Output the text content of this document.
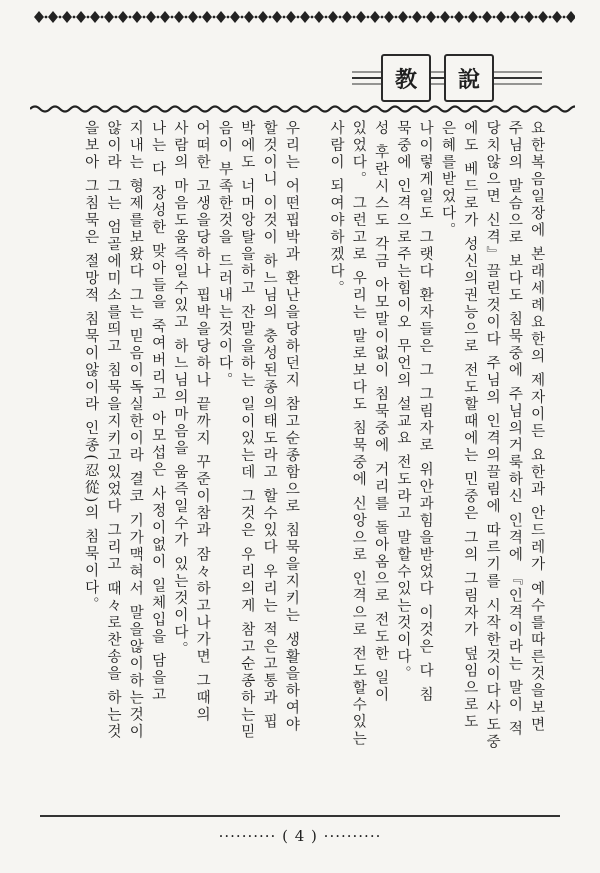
教 說
요한복음일장에 본래세례요한의 제자이든 요한과 안드레가 예수를따른것을보면
주님의 말슴으로 보다도 침묵중에 주님의거룩하신 인격에 『인격이라는 말이 적
당치않으면 신격』끌린것이다 주님의 인격의끌림에 따르기를 시작한것이다사도중
에도 베드로가 성신의권능으로 전도할때에는 민중은 그의 그림자가 덮임으로도
은혜를받었다。
나이렇게일도 그랫다 환자들은 그 그림자로 위안과힘을받었다 이것은 다 침
묵중에 인격으로주는힘이오 무언의 설교요 전도라고 말할수있는것이다。
성 후란시스도 각금 아모말이없이 침묵중에 거리를 돌아옴으로 전도한 일이
있었다。 그런고로 우리는 말로보다도 침묵중에 신앙으로 인격으로 전도할수있는
사람이 되여야하겠다。
우리는 어떤핍박과 환난을당하던지 참고순종함으로 침묵을지키는 생활을하여야
할것이니 이것이 하느님의 충성된종의태도라고 할수있다 우리는 적은고통과 핍
박에도 너머앙탈을하고 잔말을하는 일이있는데 그것은 우리의게 참고순종하는믿
음이 부족한것을 드러내는것이다。
어떠한 고생을당하나 핍박을당하나 끝까지 꾸준이참과 잠々하고나가면 그때의
사람의 마음도움즉일수있고 하느님의마음을 움즉일수가 있는것이다。
나는 다 장성한 맞아들을 죽여버리고 아모섭은 사정이없이 일체입을 담을고
지내는 형제를보왔다 그는 믿음이독실한이라 결코 기가맥혀서 말을않이하는것이
않이라 그는 엄골에미소를띄고 침묵을지키고있었다 그리고 때々로찬송을 하는것
을보아 그침묵은 절망적 침묵이않이라 인종(忍從)의 침묵이다。
·········· ( 4 ) ··········
